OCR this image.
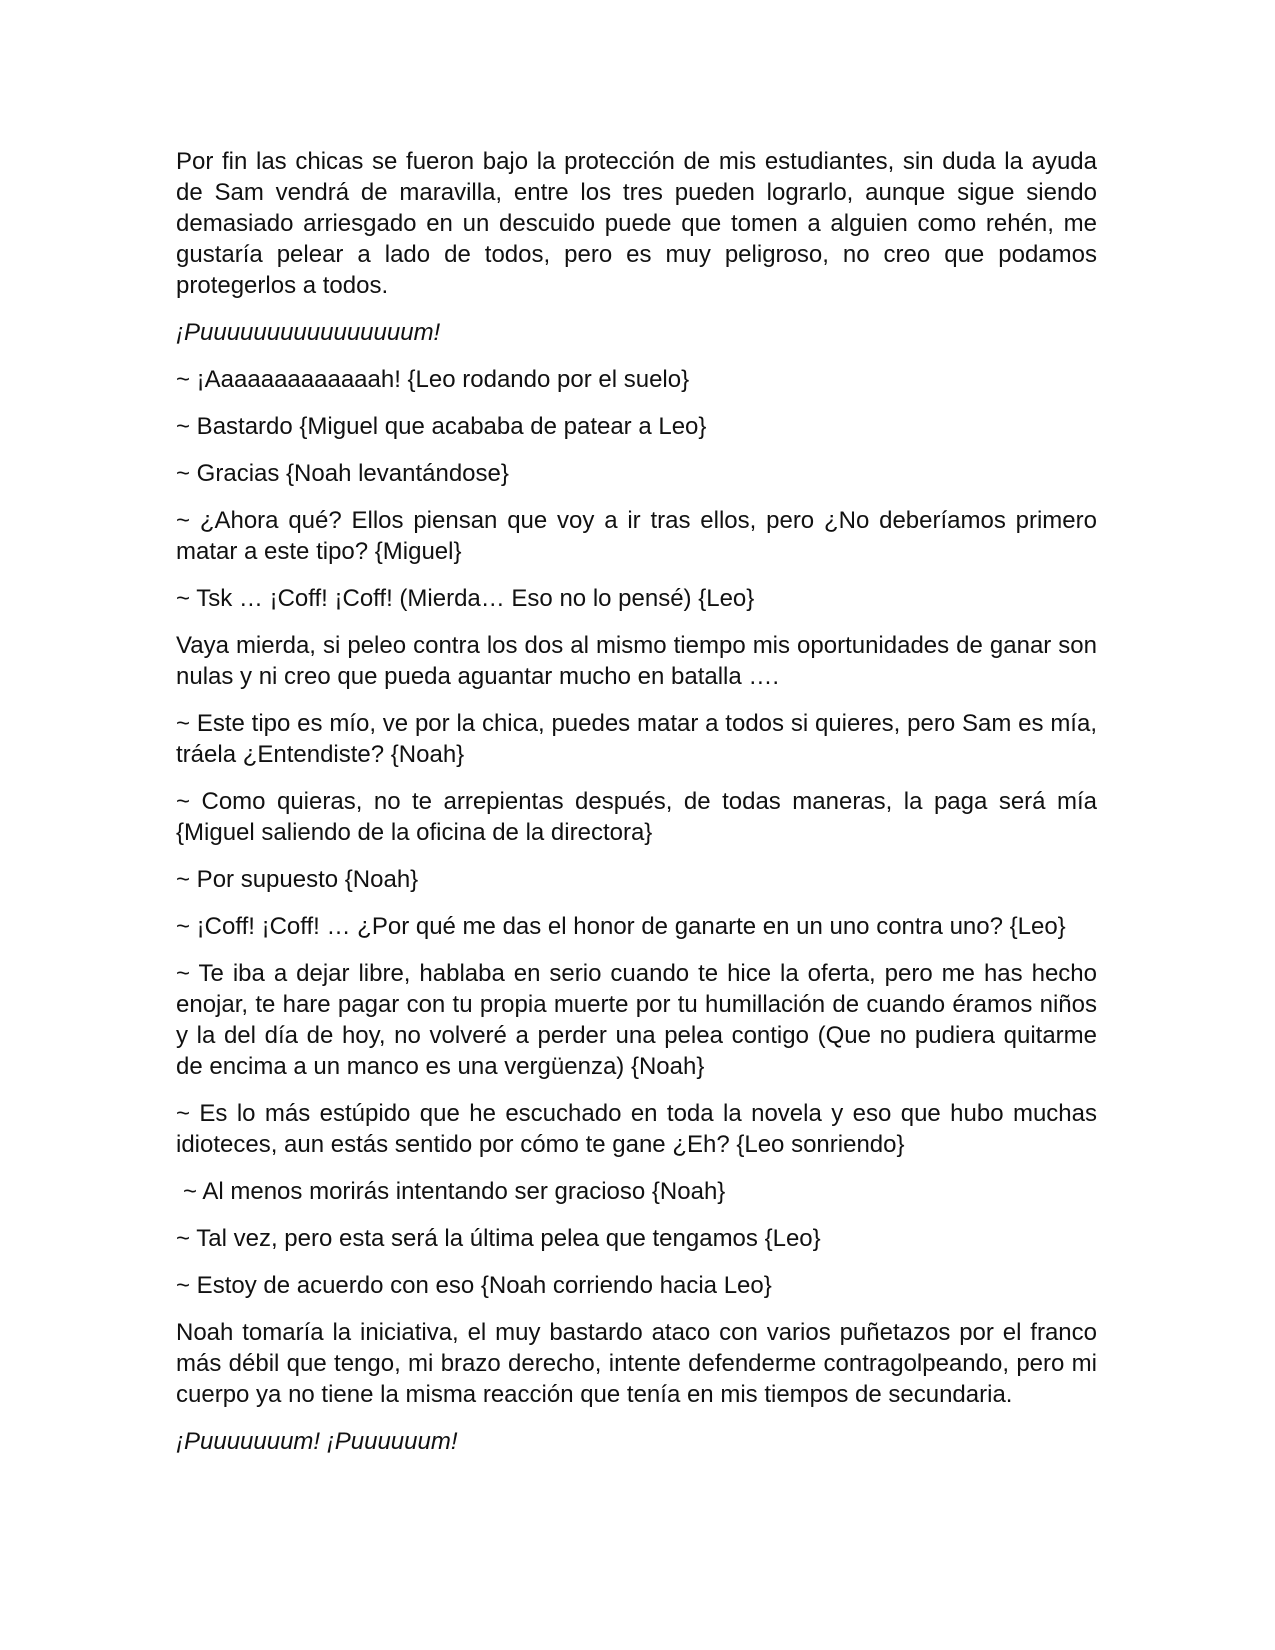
Por fin las chicas se fueron bajo la protección de mis estudiantes, sin duda la ayuda de Sam vendrá de maravilla, entre los tres pueden lograrlo, aunque sigue siendo demasiado arriesgado en un descuido puede que tomen a alguien como rehén, me gustaría pelear a lado de todos, pero es muy peligroso, no creo que podamos protegerlos a todos.

¡Puuuuuuuuuuuuuuuum!

~ ¡Aaaaaaaaaaaaah! {Leo rodando por el suelo}

~ Bastardo {Miguel que acababa de patear a Leo}

~ Gracias {Noah levantándose}

~ ¿Ahora qué? Ellos piensan que voy a ir tras ellos, pero ¿No deberíamos primero matar a este tipo? {Miguel}

~ Tsk … ¡Coff! ¡Coff! (Mierda… Eso no lo pensé) {Leo}

Vaya mierda, si peleo contra los dos al mismo tiempo mis oportunidades de ganar son nulas y ni creo que pueda aguantar mucho en batalla ….

~ Este tipo es mío, ve por la chica, puedes matar a todos si quieres, pero Sam es mía, tráela ¿Entendiste? {Noah}

~ Como quieras, no te arrepientas después, de todas maneras, la paga será mía {Miguel saliendo de la oficina de la directora}

~ Por supuesto {Noah}

~ ¡Coff! ¡Coff! … ¿Por qué me das el honor de ganarte en un uno contra uno? {Leo}

~ Te iba a dejar libre, hablaba en serio cuando te hice la oferta, pero me has hecho enojar, te hare pagar con tu propia muerte por tu humillación de cuando éramos niños y la del día de hoy, no volveré a perder una pelea contigo (Que no pudiera quitarme de encima a un manco es una vergüenza) {Noah}

~ Es lo más estúpido que he escuchado en toda la novela y eso que hubo muchas idioteces, aun estás sentido por cómo te gane ¿Eh? {Leo sonriendo}

~ Al menos morirás intentando ser gracioso {Noah}

~ Tal vez, pero esta será la última pelea que tengamos {Leo}

~ Estoy de acuerdo con eso {Noah corriendo hacia Leo}

Noah tomaría la iniciativa, el muy bastardo ataco con varios puñetazos por el franco más débil que tengo, mi brazo derecho, intente defenderme contragolpeando, pero mi cuerpo ya no tiene la misma reacción que tenía en mis tiempos de secundaria.

¡Puuuuuuum! ¡Puuuuuum!
